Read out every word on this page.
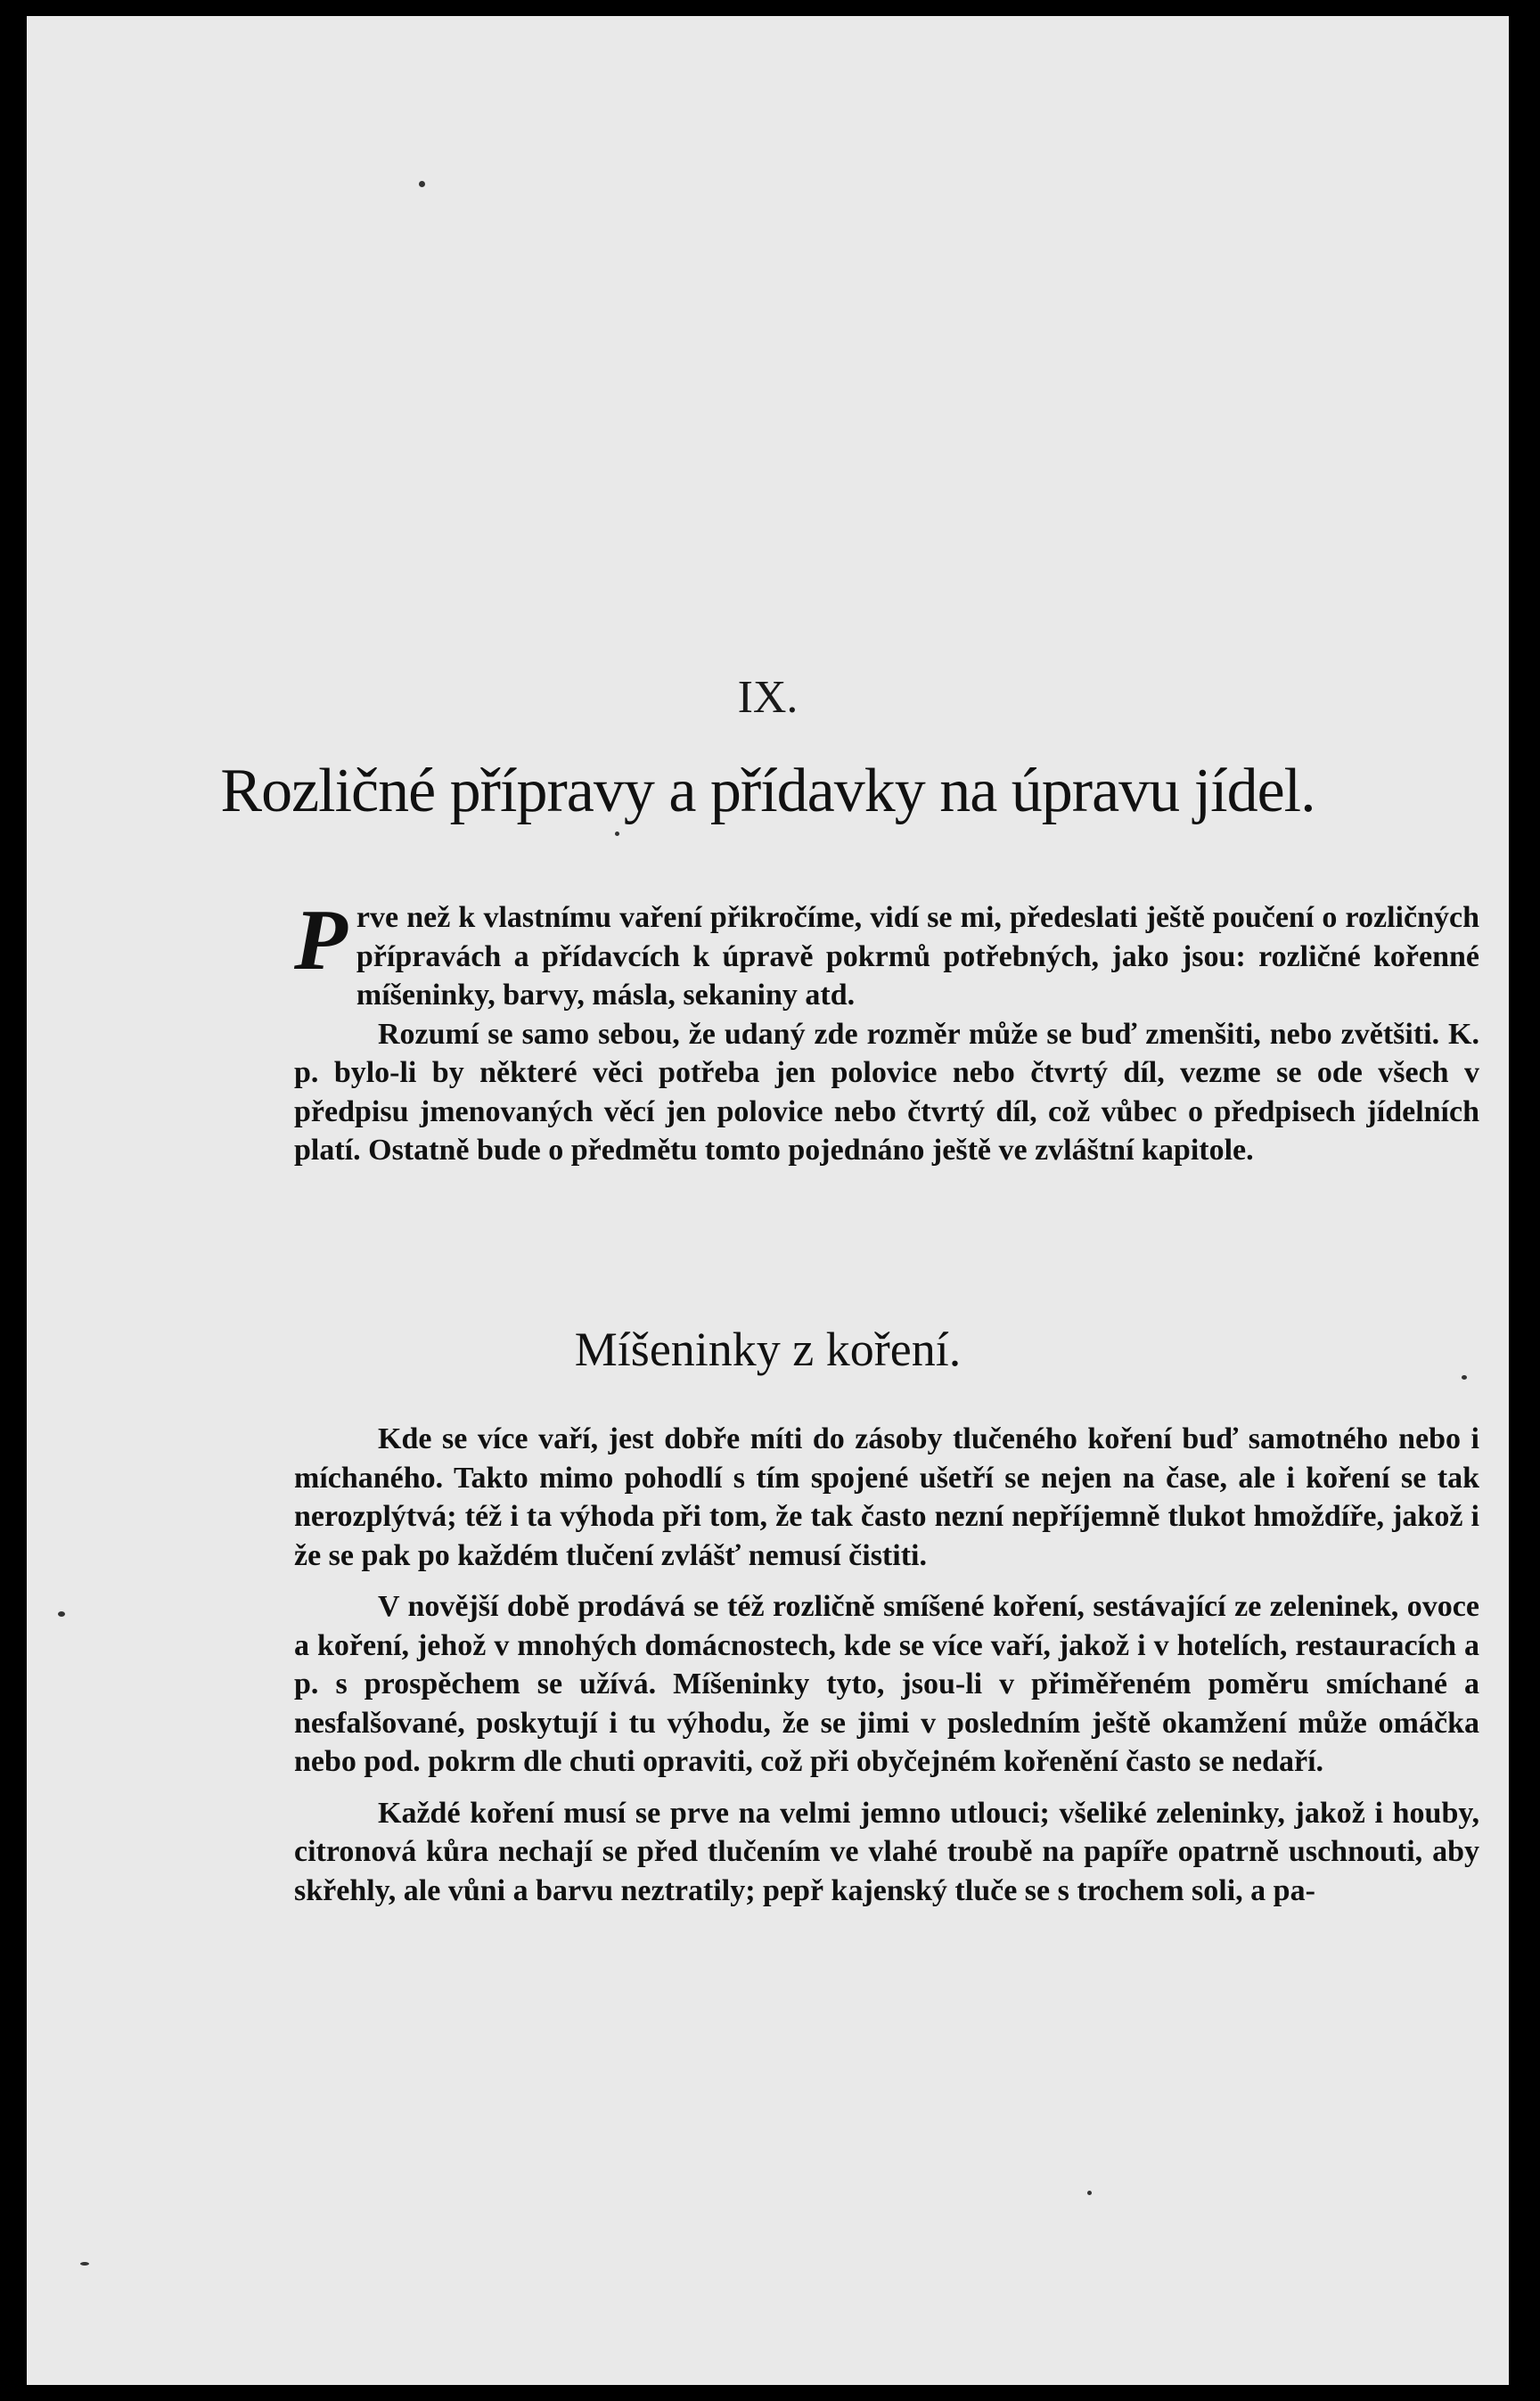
IX.
Rozličné přípravy a přídavky na úpravu jídel.

Prve než k vlastnímu vaření přikročíme, vidí se mi, předeslati ještě poučení o rozličných přípravách a přídavcích k úpravě pokrmů potřebných, jako jsou: rozličné kořenné míšeninky, barvy, másla, sekaniny atd.

Rozumí se samo sebou, že udaný zde rozměr může se buď zmenšiti, nebo zvětšiti. K. p. bylo-li by některé věci potřeba jen polovice nebo čtvrtý díl, vezme se ode všech v předpisu jmenovaných věcí jen polovice nebo čtvrtý díl, což vůbec o předpisech jídelních platí. Ostatně bude o předmětu tomto pojednáno ještě ve zvláštní kapitole.

Míšeninky z koření.

Kde se více vaří, jest dobře míti do zásoby tlučeného koření buď samotného nebo i míchaného. Takto mimo pohodlí s tím spojené ušetří se nejen na čase, ale i koření se tak nerozplýtvá; též i ta výhoda při tom, že tak často nezní nepříjemně tlukot hmoždíře, jakož i že se pak po každém tlučení zvlášť nemusí čistiti.

V novější době prodává se též rozličně smíšené koření, sestávající ze zeleninek, ovoce a koření, jehož v mnohých domácnostech, kde se více vaří, jakož i v hotelích, restauracích a p. s prospěchem se užívá. Míšeninky tyto, jsou-li v přiměřeném poměru smíchané a nesfalšované, poskytují i tu výhodu, že se jimi v posledním ještě okamžení může omáčka nebo pod. pokrm dle chuti opraviti, což při obyčejném kořenění často se nedaří.

Každé koření musí se prve na velmi jemno utlouci; všeliké zeleninky, jakož i houby, citronová kůra nechají se před tlučením ve vlahé troubě na papíře opatrně uschnouti, aby skřehly, ale vůni a barvu neztratily; pepř kajenský tluče se s trochem soli, a pa-
